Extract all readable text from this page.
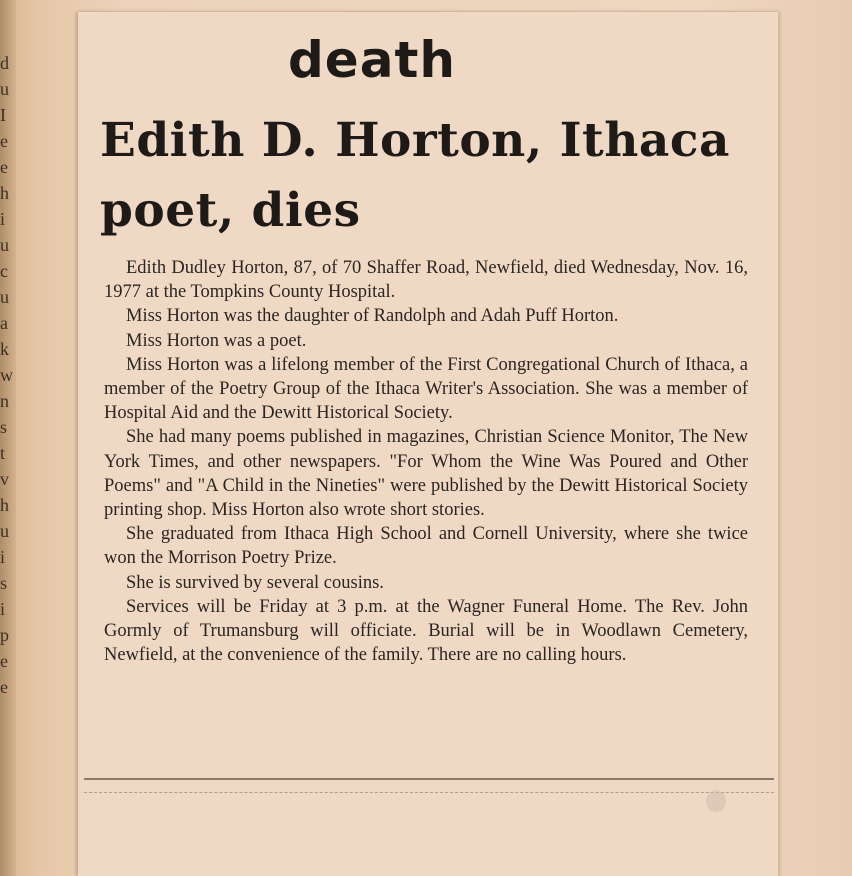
d u I e e h i u c u a k w n s t v h u i s i p e e
death
Edith D. Horton, Ithaca poet, dies

Edith Dudley Horton, 87, of 70 Shaffer Road, Newfield, died Wednesday, Nov. 16, 1977 at the Tompkins County Hospital.

Miss Horton was the daughter of Randolph and Adah Puff Horton.

Miss Horton was a poet.

Miss Horton was a lifelong member of the First Congregational Church of Ithaca, a member of the Poetry Group of the Ithaca Writer's Association. She was a member of Hospital Aid and the Dewitt Historical Society.

She had many poems published in magazines, Christian Science Monitor, The New York Times, and other newspapers. "For Whom the Wine Was Poured and Other Poems" and "A Child in the Nineties" were published by the Dewitt Historical Society printing shop. Miss Horton also wrote short stories.

She graduated from Ithaca High School and Cornell University, where she twice won the Morrison Poetry Prize.

She is survived by several cousins.

Services will be Friday at 3 p.m. at the Wagner Funeral Home. The Rev. John Gormly of Trumansburg will officiate. Burial will be in Woodlawn Cemetery, Newfield, at the convenience of the family. There are no calling hours.
